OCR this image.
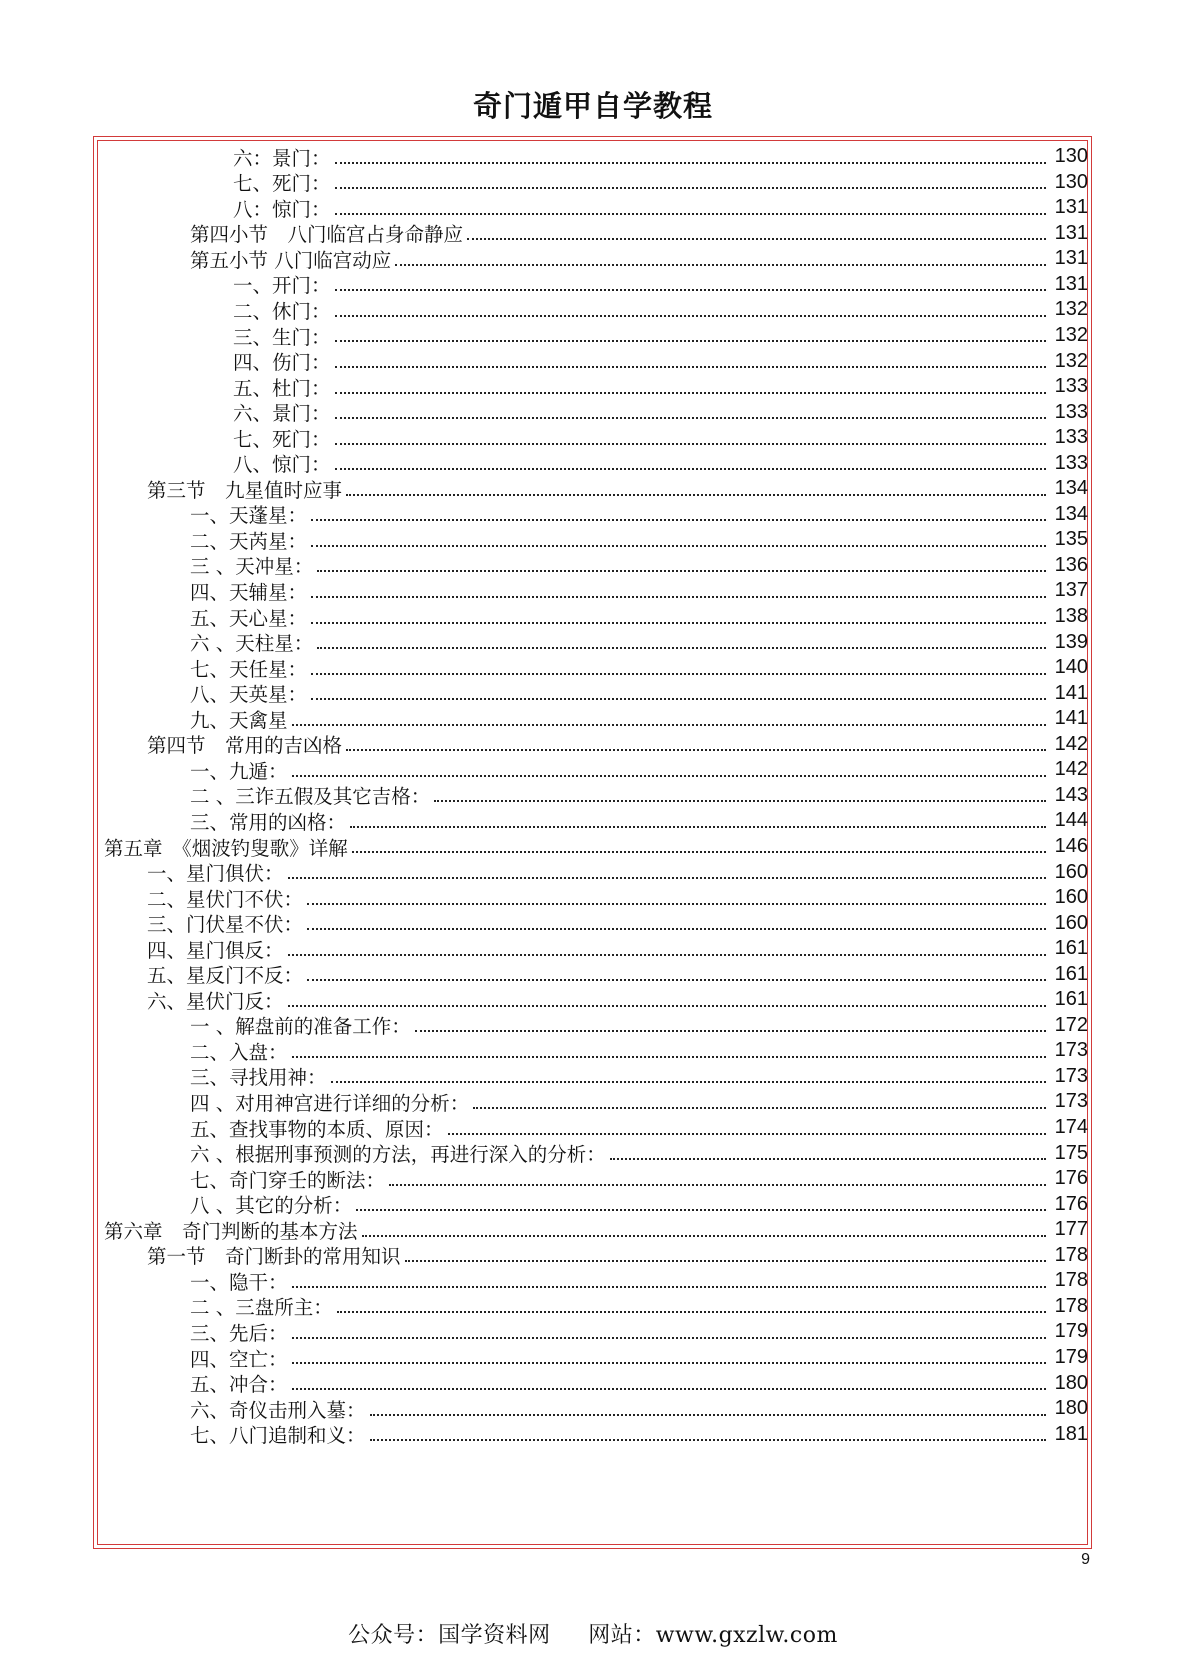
奇门遁甲自学教程
六：景门：	130
七、死门：	130
八：惊门：	131
第四小节　八门临宫占身命静应	131
第五小节 八门临宫动应	131
一、开门：	131
二、休门：	132
三、生门：	132
四、伤门：	132
五、杜门：	133
六、景门：	133
七、死门：	133
八、惊门：	133
第三节　九星值时应事	134
一、天蓬星：	134
二、天芮星：	135
三 、天冲星：	136
四、天辅星：	137
五、天心星：	138
六 、天柱星：	139
七、天任星：	140
八、天英星：	141
九、天禽星	141
第四节　常用的吉凶格	142
一、九遁：	142
二 、三诈五假及其它吉格：	143
三、常用的凶格：	144
第五章　《烟波钓叟歌》详解	146
一、星门俱伏：	160
二、星伏门不伏：	160
三、门伏星不伏：	160
四、星门俱反：	161
五、星反门不反：	161
六、星伏门反：	161
一 、解盘前的准备工作：	172
二、入盘：	173
三、寻找用神：	173
四 、对用神宫进行详细的分析：	173
五、查找事物的本质、原因：	174
六 、根据刑事预测的方法，再进行深入的分析：	175
七、奇门穿壬的断法：	176
八 、其它的分析：	176
第六章　奇门判断的基本方法	177
第一节　奇门断卦的常用知识	178
一、隐干：	178
二 、三盘所主：	178
三、先后：	179
四、空亡：	179
五、冲合：	180
六、奇仪击刑入墓：	180
七、八门追制和义：	181
9
公众号：国学资料网 网站：www.gxzlw.com
